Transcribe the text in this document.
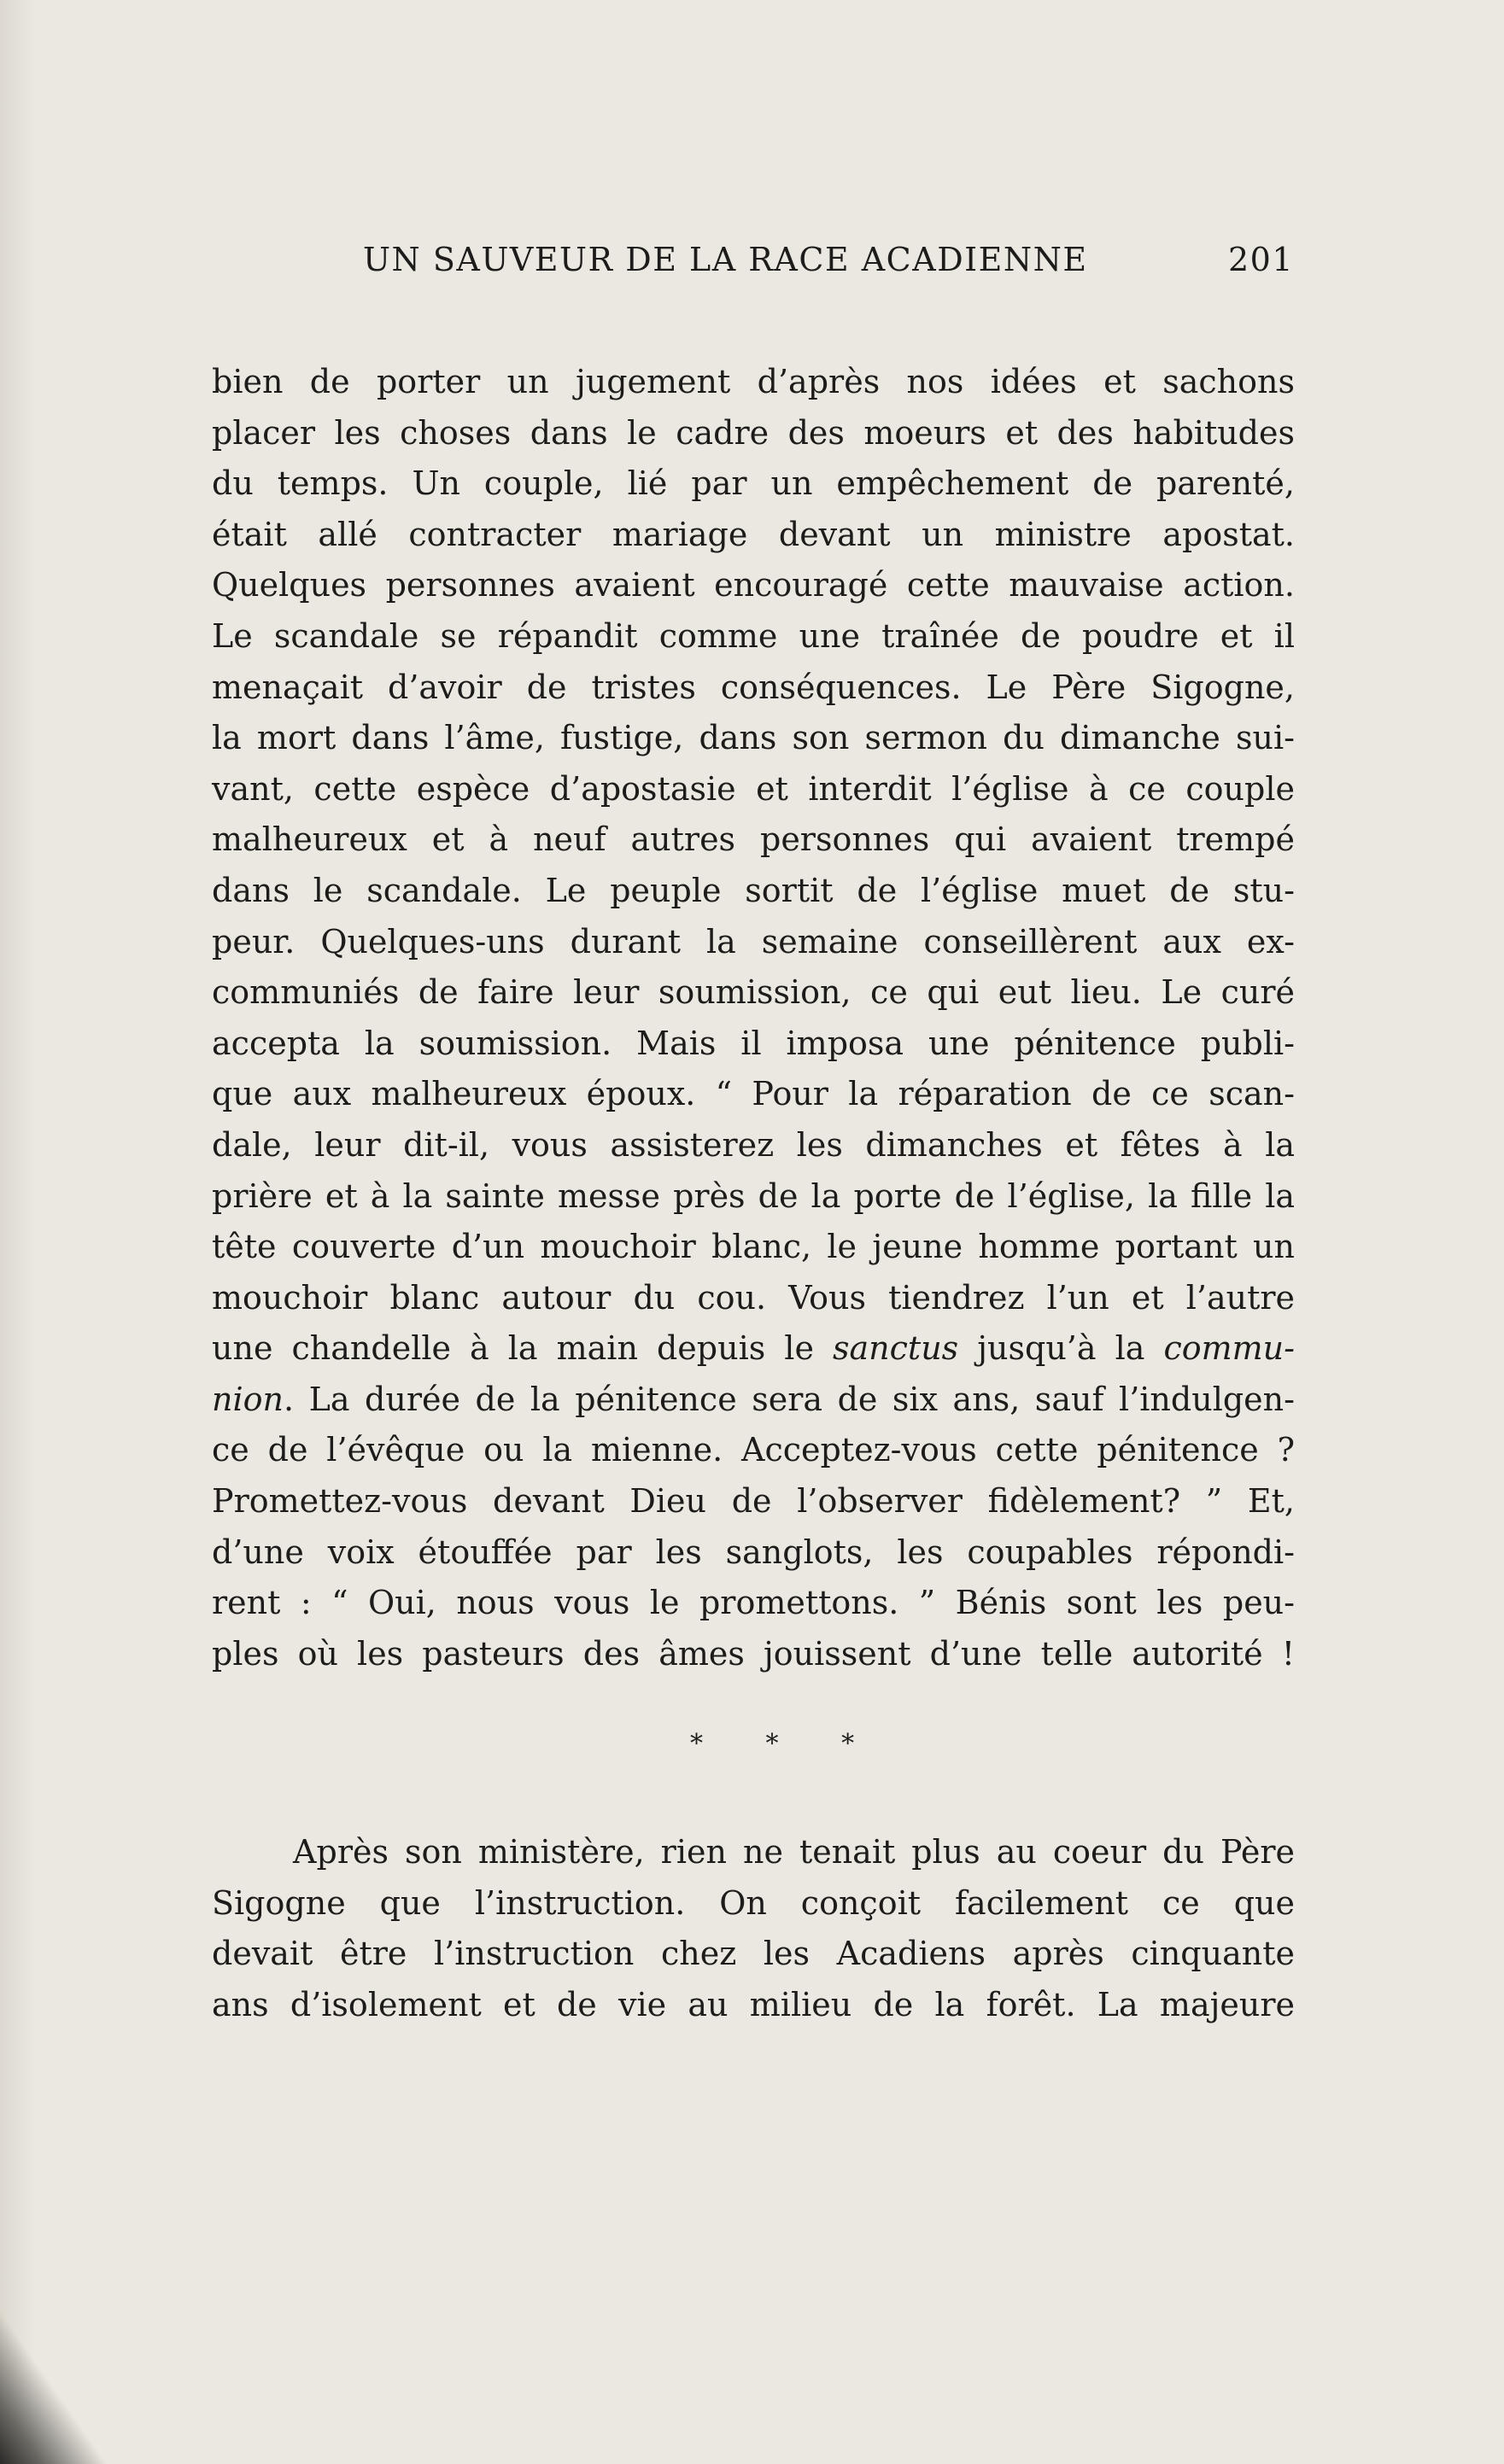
UN SAUVEUR DE LA RACE ACADIENNE	201
bien de porter un jugement d’après nos idées et sachons
placer les choses dans le cadre des moeurs et des habitudes
du temps. Un couple, lié par un empêchement de parenté,
était allé contracter mariage devant un ministre apostat.
Quelques personnes avaient encouragé cette mauvaise action.
Le scandale se répandit comme une traînée de poudre et il
menaçait d’avoir de tristes conséquences. Le Père Sigogne,
la mort dans l’âme, fustige, dans son sermon du dimanche sui-
vant, cette espèce d’apostasie et interdit l’église à ce couple
malheureux et à neuf autres personnes qui avaient trempé
dans le scandale. Le peuple sortit de l’église muet de stu-
peur. Quelques-uns durant la semaine conseillèrent aux ex-
communiés de faire leur soumission, ce qui eut lieu. Le curé
accepta la soumission. Mais il imposa une pénitence publi-
que aux malheureux époux. “ Pour la réparation de ce scan-
dale, leur dit-il, vous assisterez les dimanches et fêtes à la
prière et à la sainte messe près de la porte de l’église, la fille la
tête couverte d’un mouchoir blanc, le jeune homme portant un
mouchoir blanc autour du cou. Vous tiendrez l’un et l’autre
une chandelle à la main depuis le sanctus jusqu’à la commu-
nion. La durée de la pénitence sera de six ans, sauf l’indulgen-
ce de l’évêque ou la mienne. Acceptez-vous cette pénitence ?
Promettez-vous devant Dieu de l’observer fidèlement? ” Et,
d’une voix étouffée par les sanglots, les coupables répondi-
rent : “ Oui, nous vous le promettons. ” Bénis sont les peu-
ples où les pasteurs des âmes jouissent d’une telle autorité !
* * *
Après son ministère, rien ne tenait plus au coeur du Père
Sigogne que l’instruction. On conçoit facilement ce que
devait être l’instruction chez les Acadiens après cinquante
ans d’isolement et de vie au milieu de la forêt. La majeure
